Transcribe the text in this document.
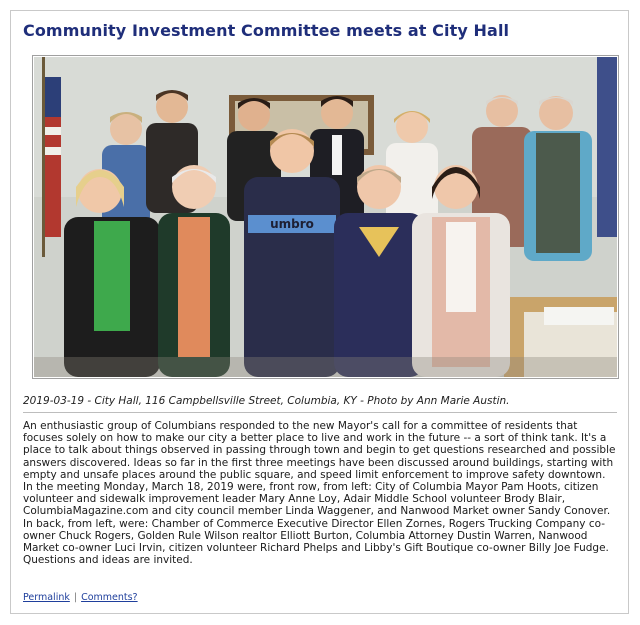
Community Investment Committee meets at City Hall
umbro
2019-03-19 - City Hall, 116 Campbellsville Street, Columbia, KY - Photo by Ann Marie Austin.

An enthusiastic group of Columbians responded to the new Mayor's call for a committee of residents that focuses solely on how to make our city a better place to live and work in the future -- a sort of think tank. It's a place to talk about things observed in passing through town and begin to get questions researched and possible answers discovered. Ideas so far in the first three meetings have been discussed around buildings, starting with empty and unsafe places around the public square, and speed limit enforcement to improve safety downtown. In the meeting Monday, March 18, 2019 were, front row, from left: City of Columbia Mayor Pam Hoots, citizen volunteer and sidewalk improvement leader Mary Anne Loy, Adair Middle School volunteer Brody Blair, ColumbiaMagazine.com and city council member Linda Waggener, and Nanwood Market owner Sandy Conover. In back, from left, were: Chamber of Commerce Executive Director Ellen Zornes, Rogers Trucking Company co-owner Chuck Rogers, Golden Rule Wilson realtor Elliott Burton, Columbia Attorney Dustin Warren, Nanwood Market co-owner Luci Irvin, citizen volunteer Richard Phelps and Libby's Gift Boutique co-owner Billy Joe Fudge. Questions and ideas are invited.

Permalink | Comments?
